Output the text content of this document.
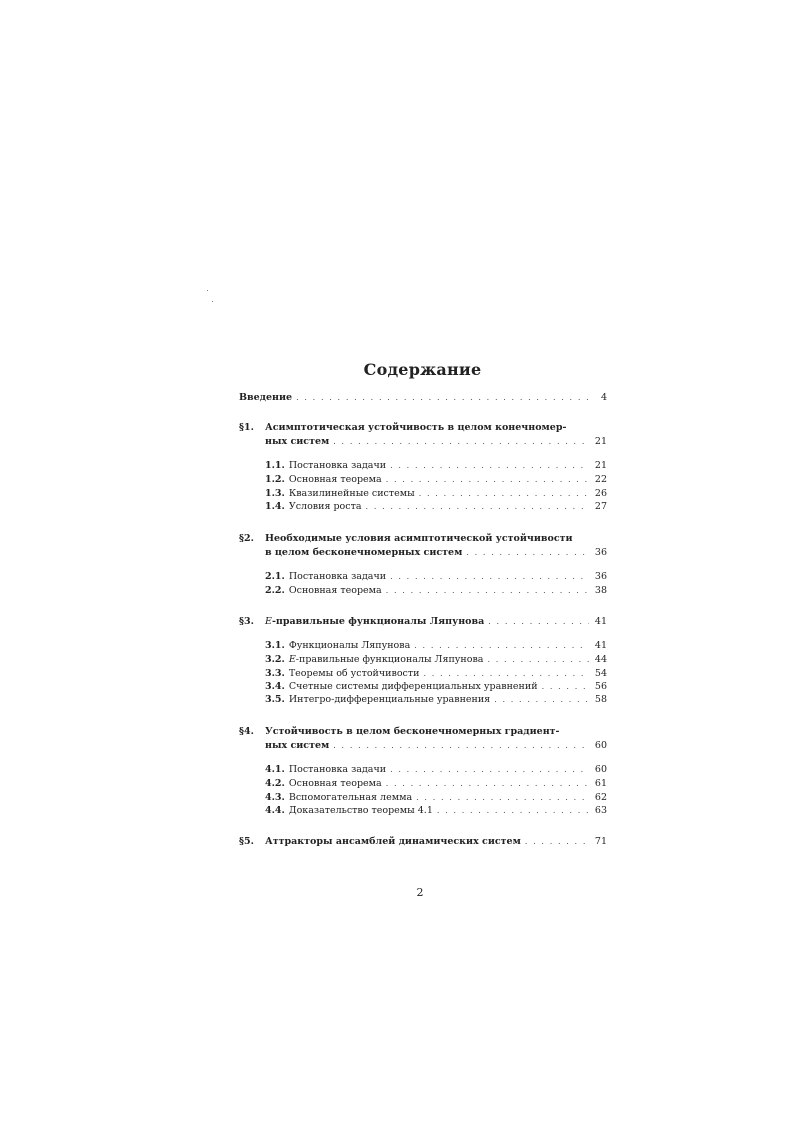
Содержание
Введение . . .	4
§1. Асимптотическая устойчивость в целом конечномер-
ных систем . . .	21
1.1. Постановка задачи . . .	21
1.2. Основная теорема . . .	22
1.3. Квазилинейные системы . . .	26
1.4. Условия роста . . .	27
§2. Необходимые условия асимптотической устойчивости
в целом бесконечномерных систем . . .	36
2.1. Постановка задачи . . .	36
2.2. Основная теорема . . .	38
§3. E-правильные функционалы Ляпунова . . .	41
3.1. Функционалы Ляпунова . . .	41
3.2. E -правильные функционалы Ляпунова . . .	44
3.3. Теоремы об устойчивости . . .	54
3.4. Счетные системы дифференциальных уравнений . . .	56
3.5. Интегро-дифференциальные уравнения . . .	58
§4. Устойчивость в целом бесконечномерных градиент-
ных систем . . .	60
4.1. Постановка задачи . . .	60
4.2. Основная теорема . . .	61
4.3. Вспомогательная лемма . . .	62
4.4. Доказательство теоремы 4.1 . . .	63
§5. Аттракторы ансамблей динамических систем . . .	71
2
